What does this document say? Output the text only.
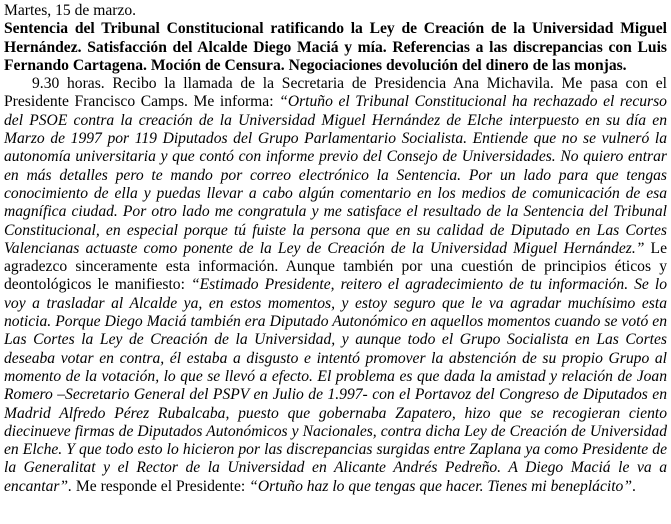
Martes, 15 de marzo.

Sentencia del Tribunal Constitucional ratificando la Ley de Creación de la Universidad Miguel Hernández. Satisfacción del Alcalde Diego Maciá y mía. Referencias a las discrepancias con Luis Fernando Cartagena. Moción de Censura. Negociaciones devolución del dinero de las monjas.

9.30 horas. Recibo la llamada de la Secretaria de Presidencia Ana Michavila. Me pasa con el Presidente Francisco Camps. Me informa: “Ortuño el Tribunal Constitucional ha rechazado el recurso del PSOE contra la creación de la Universidad Miguel Hernández de Elche interpuesto en su día en Marzo de 1997 por 119 Diputados del Grupo Parlamentario Socialista. Entiende que no se vulneró la autonomía universitaria y que contó con informe previo del Consejo de Universidades. No quiero entrar en más detalles pero te mando por correo electrónico la Sentencia. Por un lado para que tengas conocimiento de ella y puedas llevar a cabo algún comentario en los medios de comunicación de esa magnífica ciudad. Por otro lado me congratula y me satisface el resultado de la Sentencia del Tribunal Constitucional, en especial porque tú fuiste la persona que en su calidad de Diputado en Las Cortes Valencianas actuaste como ponente de la Ley de Creación de la Universidad Miguel Hernández.” Le agradezco sinceramente esta información. Aunque también por una cuestión de principios éticos y deontológicos le manifiesto: “Estimado Presidente, reitero el agradecimiento de tu información. Se lo voy a trasladar al Alcalde ya, en estos momentos, y estoy seguro que le va agradar muchísimo esta noticia. Porque Diego Maciá también era Diputado Autonómico en aquellos momentos cuando se votó en Las Cortes la Ley de Creación de la Universidad, y aunque todo el Grupo Socialista en Las Cortes deseaba votar en contra, él estaba a disgusto e intentó promover la abstención de su propio Grupo al momento de la votación, lo que se llevó a efecto. El problema es que dada la amistad y relación de Joan Romero –Secretario General del PSPV en Julio de 1.997- con el Portavoz del Congreso de Diputados en Madrid Alfredo Pérez Rubalcaba, puesto que gobernaba Zapatero, hizo que se recogieran ciento diecinueve firmas de Diputados Autonómicos y Nacionales, contra dicha Ley de Creación de Universidad en Elche. Y que todo esto lo hicieron por las discrepancias surgidas entre Zaplana ya como Presidente de la Generalitat y el Rector de la Universidad en Alicante Andrés Pedreño. A Diego Maciá le va a encantar”. Me responde el Presidente: “Ortuño haz lo que tengas que hacer. Tienes mi beneplácito”.
